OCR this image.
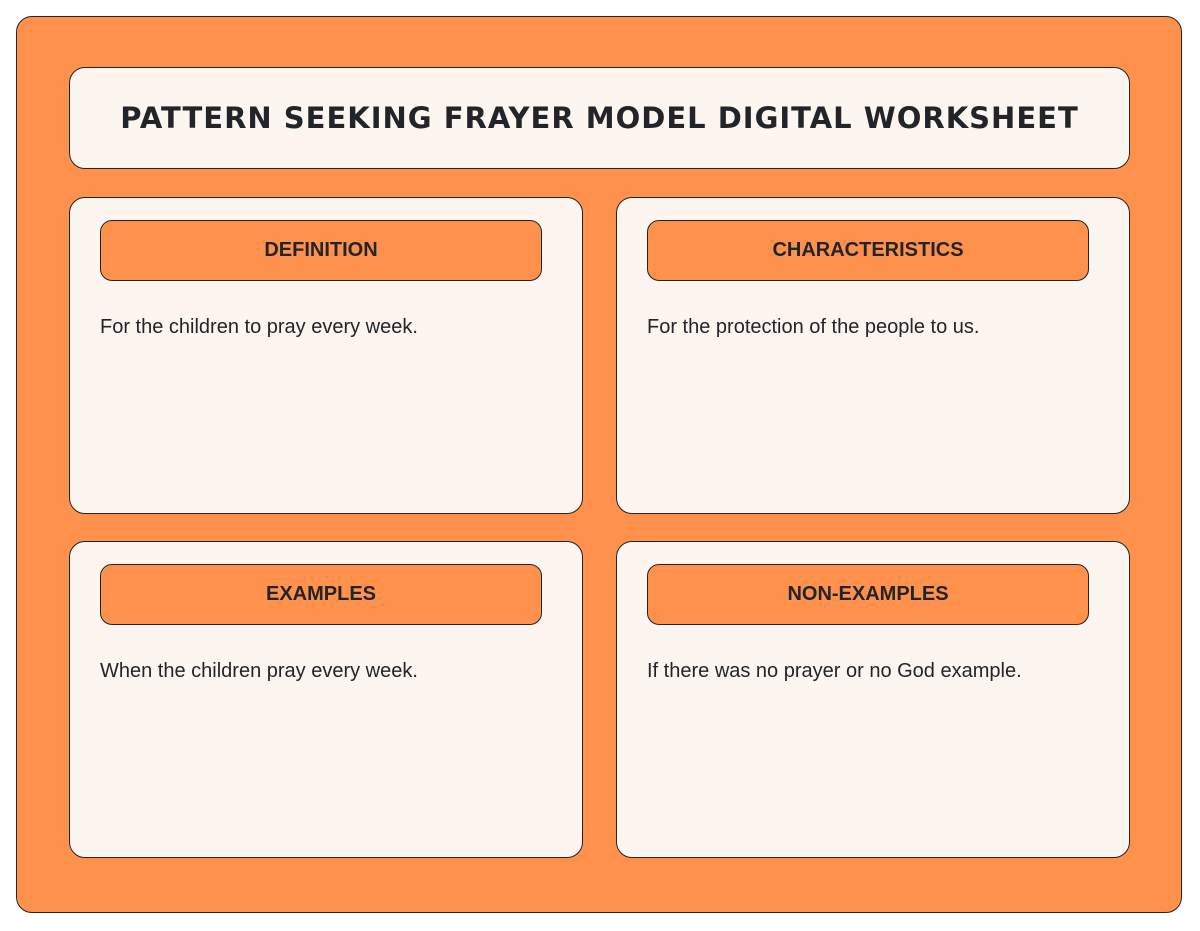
PATTERN SEEKING FRAYER MODEL DIGITAL WORKSHEET
DEFINITION
For the children to pray every week.
CHARACTERISTICS
For the protection of the people to us.
EXAMPLES
When the children pray every week.
NON-EXAMPLES
If there was no prayer or no God example.
